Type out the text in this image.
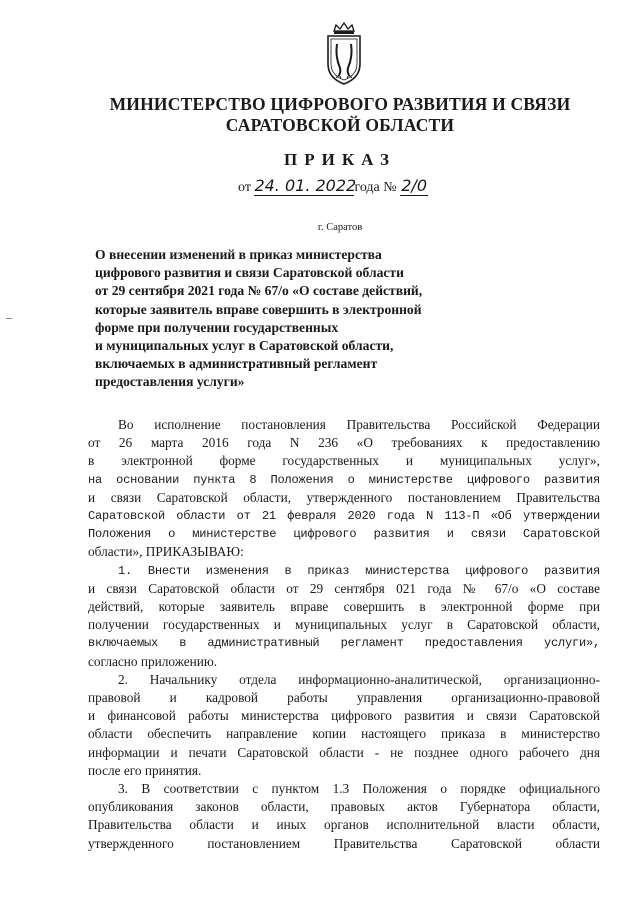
МИНИСТЕРСТВО ЦИФРОВОГО РАЗВИТИЯ И СВЯЗИ
САРАТОВСКОЙ ОБЛАСТИ
ПРИКАЗ
от 24. 01. 2022года № 2/0
г. Саратов
О внесении изменений в приказ министерства
цифрового развития и связи Саратовской области
от 29 сентября 2021 года № 67/о «О составе действий,
которые заявитель вправе совершить в электронной
форме при получении государственных
и муниципальных услуг в Саратовской области,
включаемых в административный регламент
предоставления услуги»
Во исполнение постановления Правительства Российской Федерации
от 26 марта 2016 года N 236 «О требованиях к предоставлению
в электронной форме государственных и муниципальных услуг»,
на основании пункта 8 Положения о министерстве цифрового развития
и связи Саратовской области, утвержденного постановлением Правительства
Саратовской области от 21 февраля 2020 года N 113-П «Об утверждении
Положения о министерстве цифрового развития и связи Саратовской
области», ПРИКАЗЫВАЮ:
1. Внести изменения в приказ министерства цифрового развития
и связи Саратовской области от 29 сентября 021 года № 67/о «О составе
действий, которые заявитель вправе совершить в электронной форме при
получении государственных и муниципальных услуг в Саратовской области,
включаемых в административный регламент предоставления услуги»,
согласно приложению.
2. Начальнику отдела информационно-аналитической, организационно-
правовой и кадровой работы управления организационно-правовой
и финансовой работы министерства цифрового развития и связи Саратовской
области обеспечить направление копии настоящего приказа в министерство
информации и печати Саратовской области - не позднее одного рабочего дня
после его принятия.
3. В соответствии с пунктом 1.3 Положения о порядке официального
опубликования законов области, правовых актов Губернатора области,
Правительства области и иных органов исполнительной власти области,
утвержденного постановлением Правительства Саратовской области
